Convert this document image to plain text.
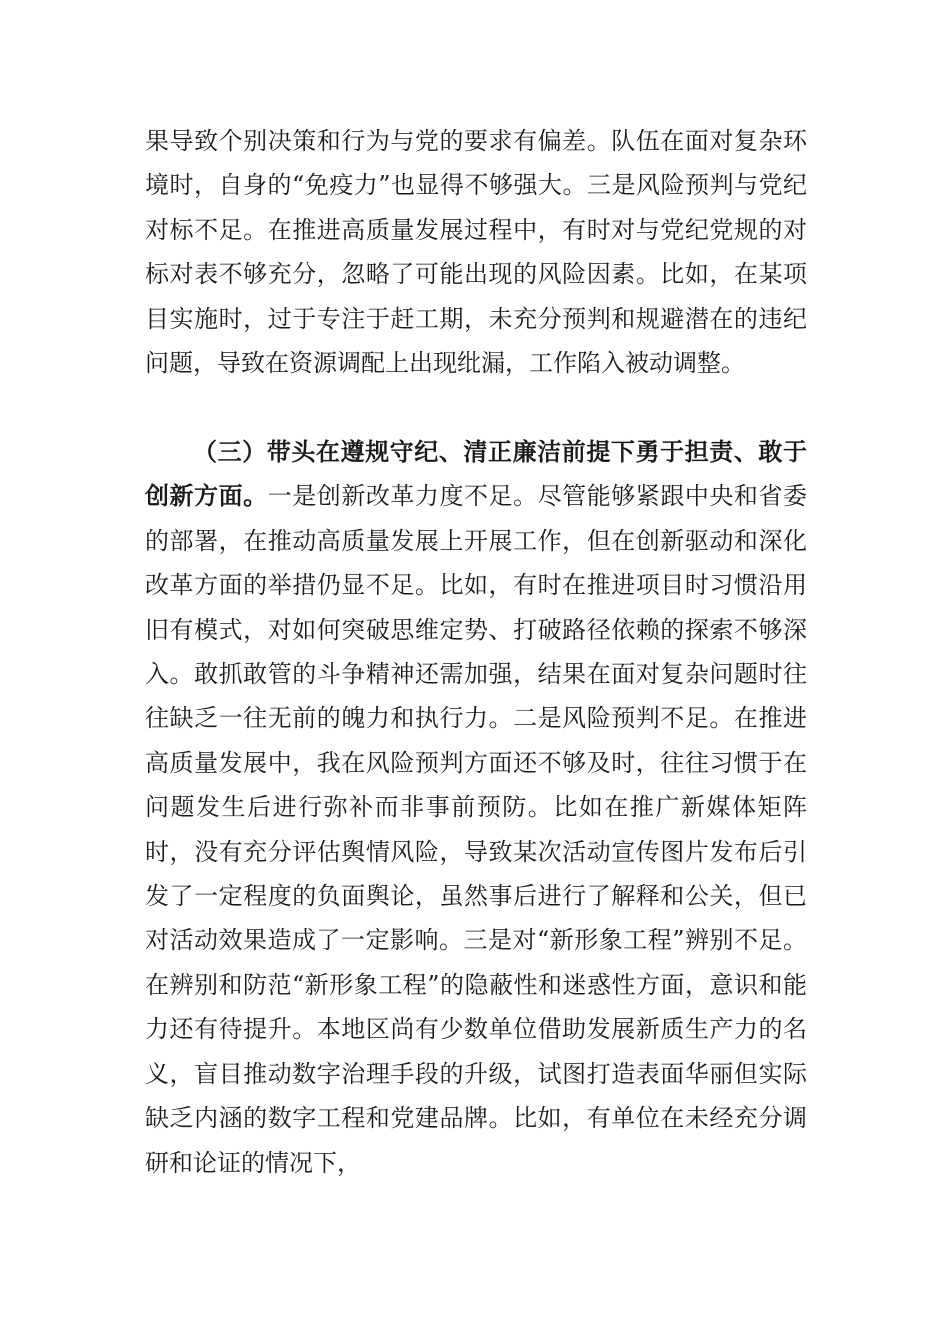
果导致个别决策和行为与党的要求有偏差。队伍在面对复杂环境时，自身的“免疫力”也显得不够强大。三是风险预判与党纪对标不足。在推进高质量发展过程中，有时对与党纪党规的对标对表不够充分，忽略了可能出现的风险因素。比如，在某项目实施时，过于专注于赶工期，未充分预判和规避潜在的违纪问题，导致在资源调配上出现纰漏，工作陷入被动调整。

（三）带头在遵规守纪、清正廉洁前提下勇于担责、敢于创新方面。一是创新改革力度不足。尽管能够紧跟中央和省委的部署，在推动高质量发展上开展工作，但在创新驱动和深化改革方面的举措仍显不足。比如，有时在推进项目时习惯沿用旧有模式，对如何突破思维定势、打破路径依赖的探索不够深入。敢抓敢管的斗争精神还需加强，结果在面对复杂问题时往往缺乏一往无前的魄力和执行力。二是风险预判不足。在推进高质量发展中，我在风险预判方面还不够及时，往往习惯于在问题发生后进行弥补而非事前预防。比如在推广新媒体矩阵时，没有充分评估舆情风险，导致某次活动宣传图片发布后引发了一定程度的负面舆论，虽然事后进行了解释和公关，但已对活动效果造成了一定影响。三是对“新形象工程”辨别不足。在辨别和防范“新形象工程”的隐蔽性和迷惑性方面，意识和能力还有待提升。本地区尚有少数单位借助发展新质生产力的名义，盲目推动数字治理手段的升级，试图打造表面华丽但实际缺乏内涵的数字工程和党建品牌。比如，有单位在未经充分调研和论证的情况下，
